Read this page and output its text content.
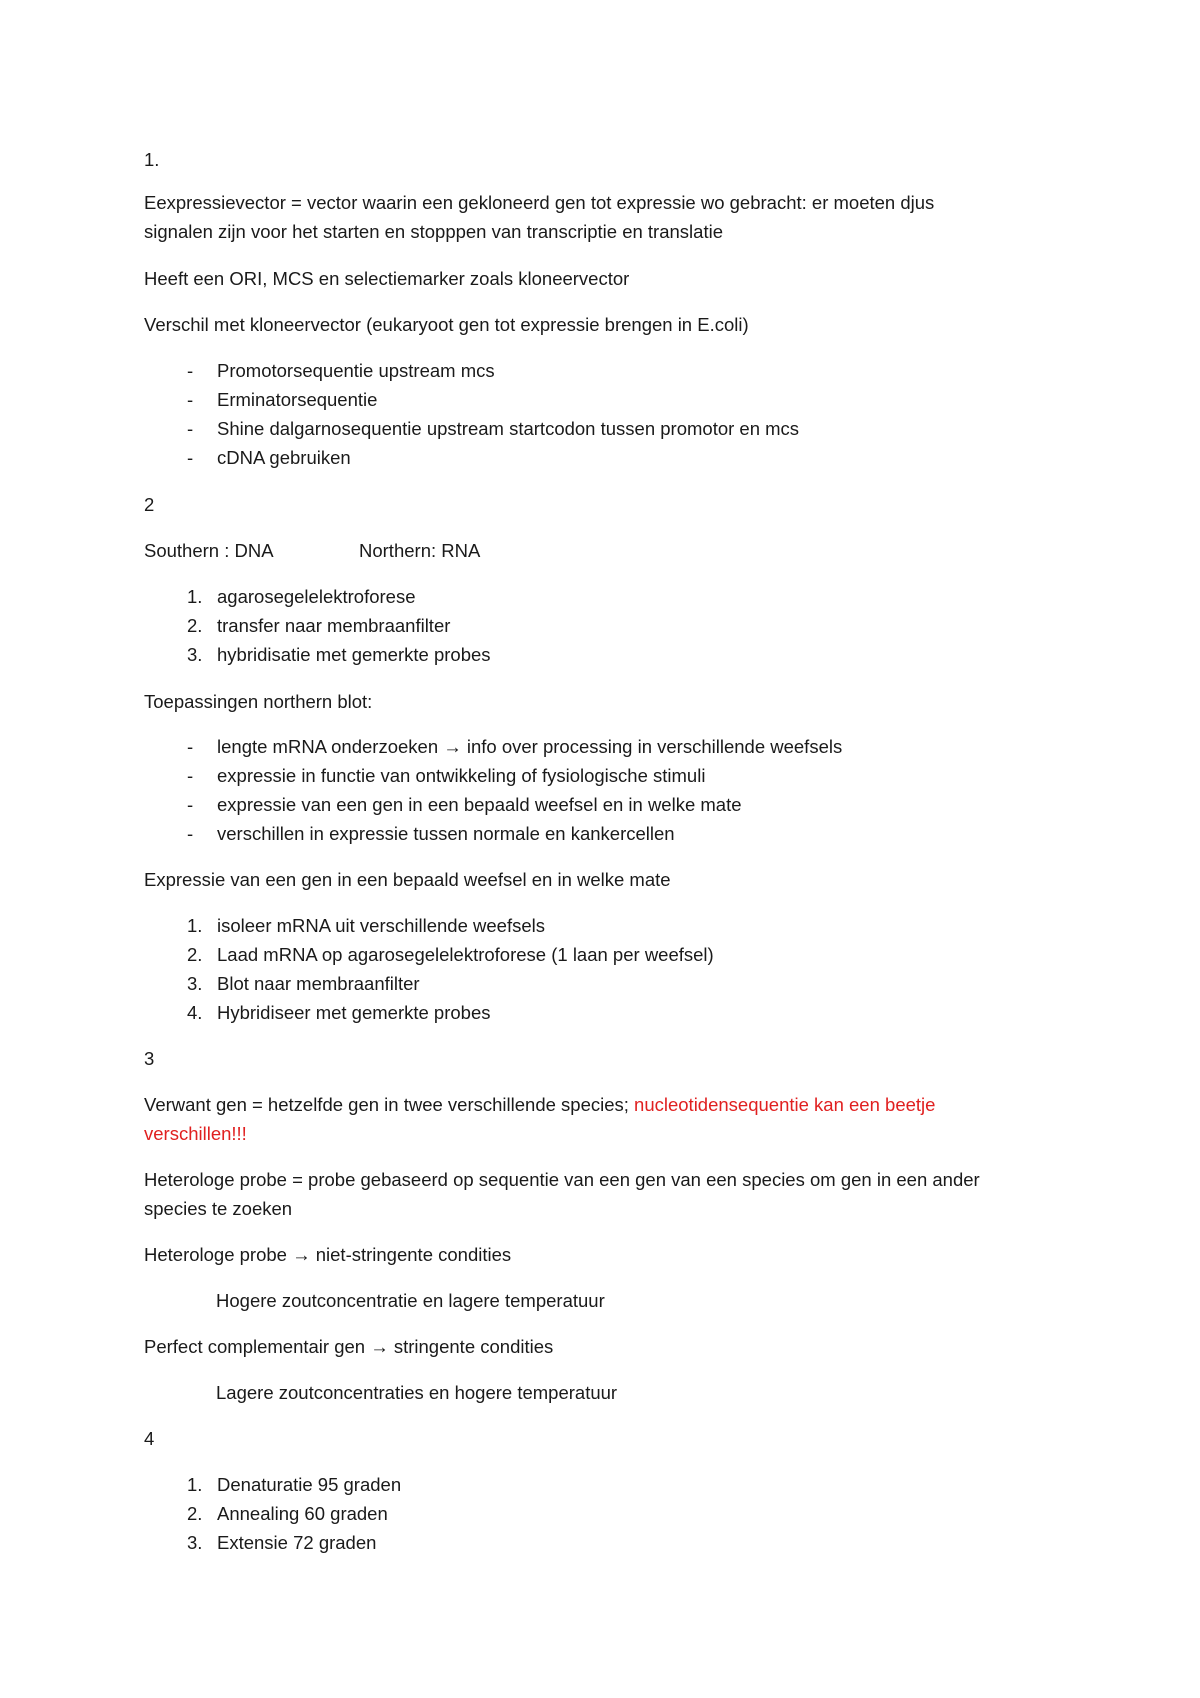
1.
Eexpressievector = vector waarin een gekloneerd gen tot expressie wo gebracht: er moeten djus
signalen zijn voor het starten en stopppen van transcriptie en translatie
Heeft een ORI, MCS en selectiemarker zoals kloneervector
Verschil met kloneervector (eukaryoot gen tot expressie brengen in E.coli)
-	Promotorsequentie upstream mcs
-	Erminatorsequentie
-	Shine dalgarnosequentie upstream startcodon tussen promotor en mcs
-	cDNA gebruiken
2
Southern : DNA	Northern: RNA
1. agarosegelelektroforese
2. transfer naar membraanfilter
3. hybridisatie met gemerkte probes
Toepassingen northern blot:
-	lengte mRNA onderzoeken → info over processing in verschillende weefsels
-	expressie in functie van ontwikkeling of fysiologische stimuli
-	expressie van een gen in een bepaald weefsel en in welke mate
-	verschillen in expressie tussen normale en kankercellen
Expressie van een gen in een bepaald weefsel en in welke mate
1. isoleer mRNA uit verschillende weefsels
2. Laad mRNA op agarosegelelektroforese (1 laan per weefsel)
3. Blot naar membraanfilter
4. Hybridiseer met gemerkte probes
3
Verwant gen = hetzelfde gen in twee verschillende species; nucleotidensequentie kan een beetje
verschillen!!!
Heterologe probe = probe gebaseerd op sequentie van een gen van een species om gen in een ander
species te zoeken
Heterologe probe → niet-stringente condities
Hogere zoutconcentratie en lagere temperatuur
Perfect complementair gen → stringente condities
Lagere zoutconcentraties en hogere temperatuur
4
1. Denaturatie 95 graden
2. Annealing 60 graden
3. Extensie 72 graden
